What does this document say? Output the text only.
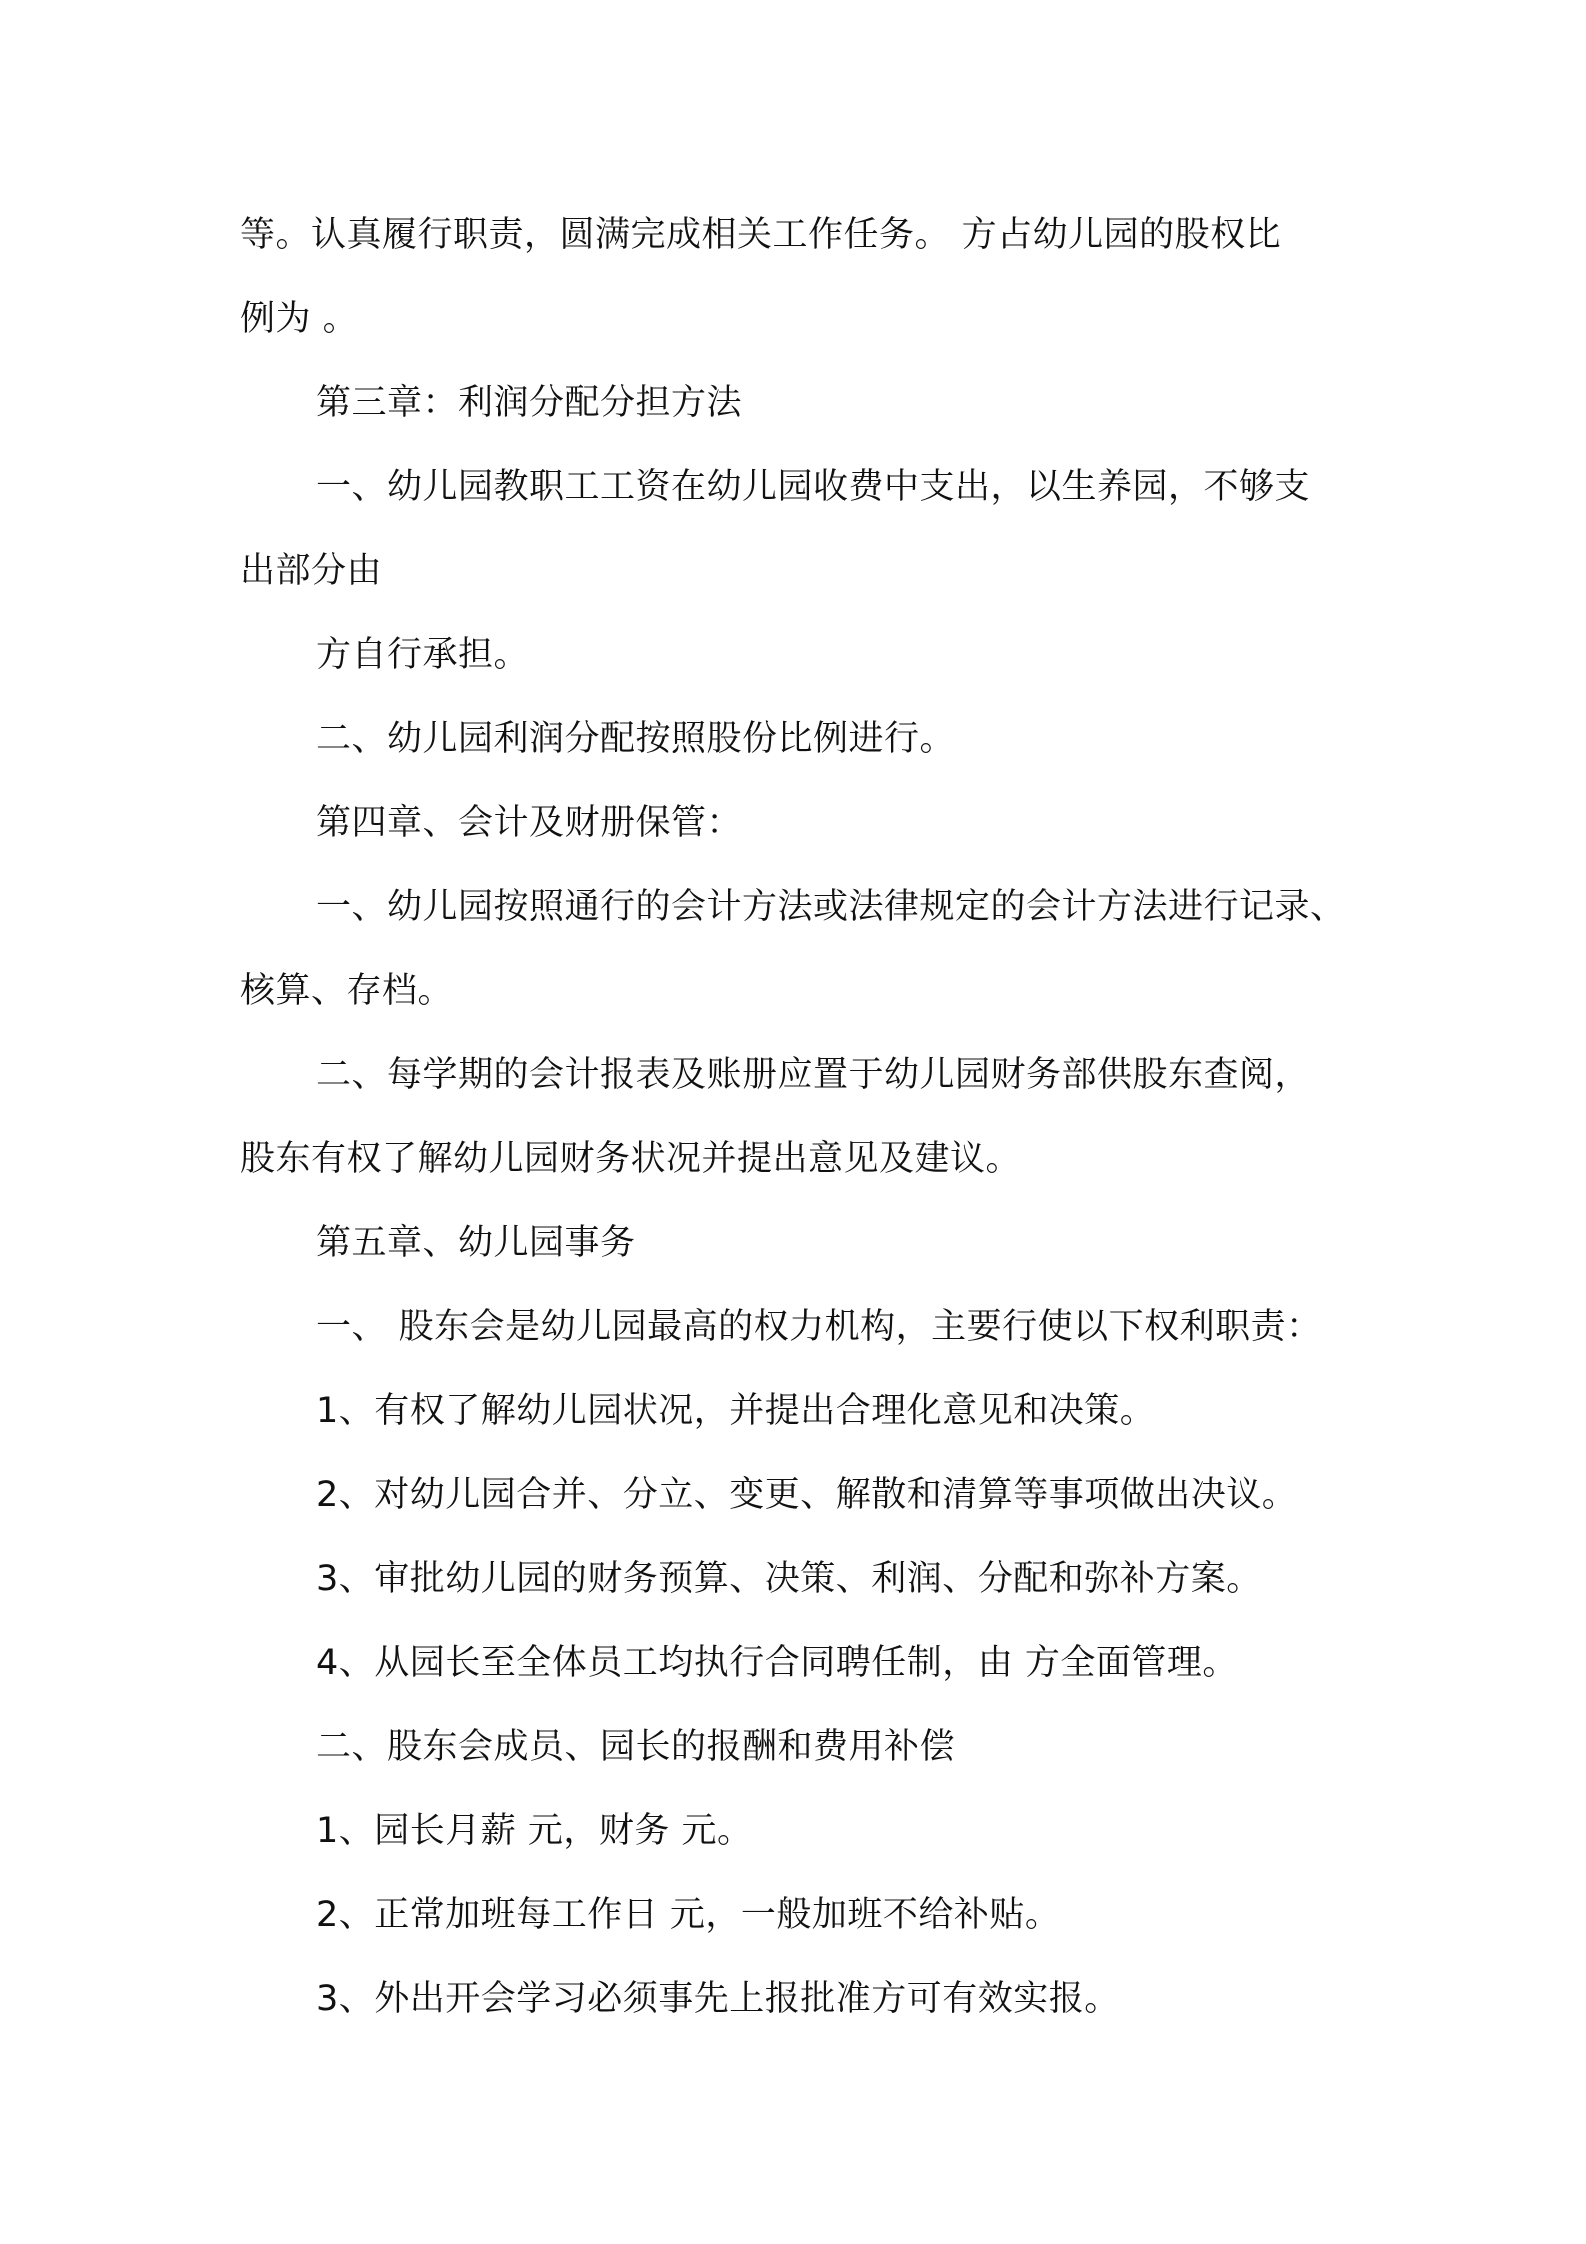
等。认真履行职责，圆满完成相关工作任务。 方占幼儿园的股权比
例为 。
第三章：利润分配分担方法
一、幼儿园教职工工资在幼儿园收费中支出，以生养园，不够支
出部分由
方自行承担。
二、幼儿园利润分配按照股份比例进行。
第四章、会计及财册保管：
一、幼儿园按照通行的会计方法或法律规定的会计方法进行记录、
核算、存档。
二、每学期的会计报表及账册应置于幼儿园财务部供股东查阅，
股东有权了解幼儿园财务状况并提出意见及建议。
第五章、幼儿园事务
一、 股东会是幼儿园最高的权力机构，主要行使以下权利职责：
1、有权了解幼儿园状况，并提出合理化意见和决策。
2、对幼儿园合并、分立、变更、解散和清算等事项做出决议。
3、审批幼儿园的财务预算、决策、利润、分配和弥补方案。
4、从园长至全体员工均执行合同聘任制，由 方全面管理。
二、股东会成员、园长的报酬和费用补偿
1、园长月薪 元，财务 元。
2、正常加班每工作日 元，一般加班不给补贴。
3、外出开会学习必须事先上报批准方可有效实报。
